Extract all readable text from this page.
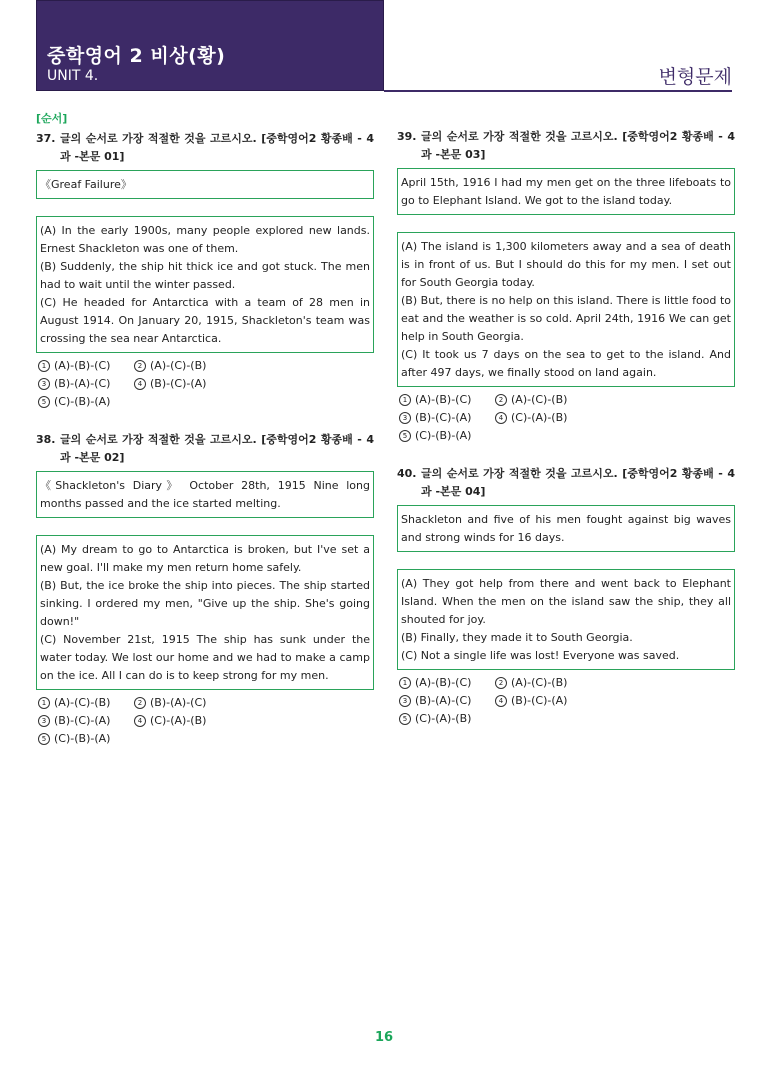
중학영어 2 비상(황)
UNIT 4.	변형문제
[순서]
37. 글의 순서로 가장 적절한 것을 고르시오. [중학영어2 황종배 - 4과 -본문 01]

《Greaf Failure》

(A) In the early 1900s, many people explored new lands. Ernest Shackleton was one of them.

(B) Suddenly, the ship hit thick ice and got stuck. The men had to wait until the winter passed.

(C) He headed for Antarctica with a team of 28 men in August 1914. On January 20, 1915, Shackleton's team was crossing the sea near Antarctica.

1 (A)-(B)-(C)	2 (A)-(C)-(B)
3 (B)-(A)-(C)	4 (B)-(C)-(A)
5 (C)-(B)-(A)
38. 글의 순서로 가장 적절한 것을 고르시오. [중학영어2 황종배 - 4과 -본문 02]

《Shackleton's Diary》 October 28th, 1915 Nine long months passed and the ice started melting.

(A) My dream to go to Antarctica is broken, but I've set a new goal. I'll make my men return home safely.

(B) But, the ice broke the ship into pieces. The ship started sinking. I ordered my men, "Give up the ship. She's going down!"

(C) November 21st, 1915 The ship has sunk under the water today. We lost our home and we had to make a camp on the ice. All I can do is to keep strong for my men.

1 (A)-(C)-(B)	2 (B)-(A)-(C)
3 (B)-(C)-(A)	4 (C)-(A)-(B)
5 (C)-(B)-(A)
39. 글의 순서로 가장 적절한 것을 고르시오. [중학영어2 황종배 - 4과 -본문 03]

April 15th, 1916 I had my men get on the three lifeboats to go to Elephant Island. We got to the island today.

(A) The island is 1,300 kilometers away and a sea of death is in front of us. But I should do this for my men. I set out for South Georgia today.

(B) But, there is no help on this island. There is little food to eat and the weather is so cold. April 24th, 1916 We can get help in South Georgia.

(C) It took us 7 days on the sea to get to the island. And after 497 days, we finally stood on land again.

1 (A)-(B)-(C)	2 (A)-(C)-(B)
3 (B)-(C)-(A)	4 (C)-(A)-(B)
5 (C)-(B)-(A)
40. 글의 순서로 가장 적절한 것을 고르시오. [중학영어2 황종배 - 4과 -본문 04]

Shackleton and five of his men fought against big waves and strong winds for 16 days.

(A) They got help from there and went back to Elephant Island. When the men on the island saw the ship, they all shouted for joy.

(B) Finally, they made it to South Georgia.

(C) Not a single life was lost! Everyone was saved.

1 (A)-(B)-(C)	2 (A)-(C)-(B)
3 (B)-(A)-(C)	4 (B)-(C)-(A)
5 (C)-(A)-(B)
16
